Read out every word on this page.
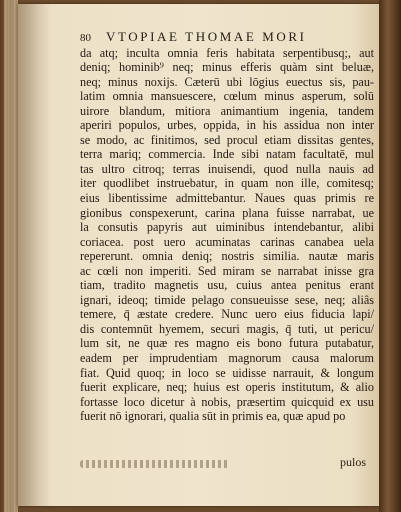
80	VTOPIAE THOMAE MORI
da atq; inculta omnia feris habitata serpentibusq;, aut
deniq; hominib⁹ neq; minus efferis quàm sint beluæ,
neq; minus noxijs. Cæterū ubi lōgius euectus sis, pau-
latim omnia mansuescere, cœlum minus asperum, solū
uirore blandum, mitiora animantium ingenia, tandem
aperiri populos, urbes, oppida, in his assidua non inter
se modo, ac finitimos, sed procul etiam dissitas gentes,
terra mariq; commercia. Inde sibi natam facultatē, mul
tas ultro citroq; terras inuisendi, quod nulla nauis ad
iter quodlibet instruebatur, in quam non ille, comitesq;
eius libentissime admittebantur. Naues quas primis re
gionibus conspexerunt, carina plana fuisse narrabat, ue
la consutis papyris aut uiminibus intendebantur, alibi
coriacea. post uero acuminatas carinas canabea uela
repererunt. omnia deniq; nostris similia. nautæ maris
ac cœli non imperiti. Sed miram se narrabat inisse gra
tiam, tradito magnetis usu, cuius antea penitus erant
ignari, ideoq; timide pelago consueuisse sese, neq; aliâs
temere, q̄ æstate credere. Nunc uero eius fiducia lapi/
dis contemnūt hyemem, securi magis, q̄ tuti, ut pericu/
lum sit, ne quæ res magno eis bono futura putabatur,
eadem per imprudentiam magnorum causa malorum
fiat. Quid quoq; in loco se uidisse narrauit, & longum
fuerit explicare, neq; huius est operis institutum, & alio
fortasse loco dicetur à nobis, præsertim quicquid ex usu
fuerit nō ignorari, qualia sūt in primis ea, quæ apud po
pulos
